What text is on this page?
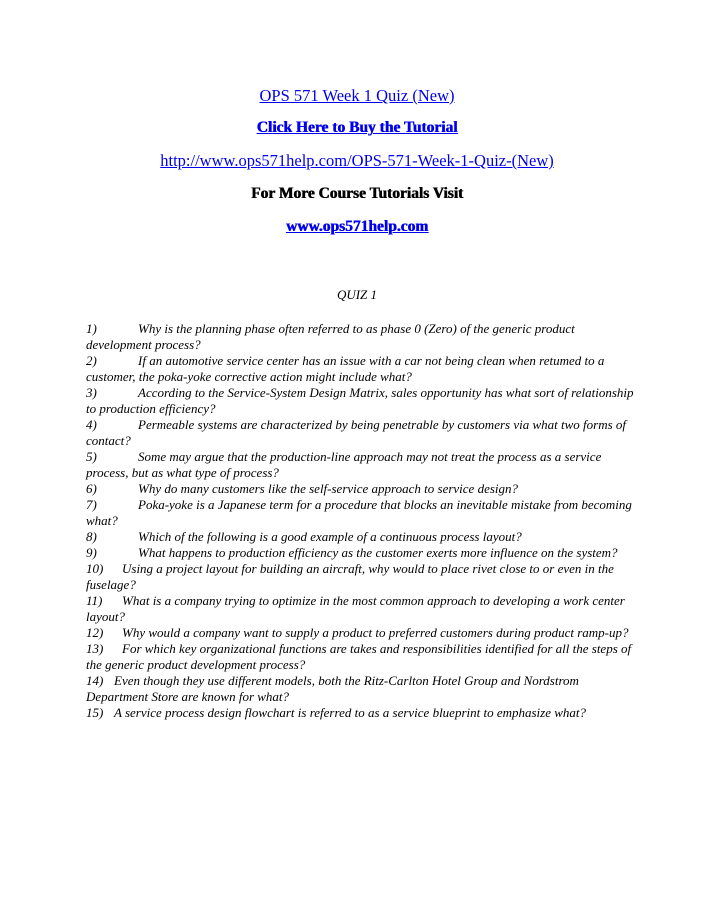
OPS 571 Week 1 Quiz (New)
Click Here to Buy the Tutorial
http://www.ops571help.com/OPS-571-Week-1-Quiz-(New)
For More Course Tutorials Visit
www.ops571help.com
QUIZ 1
1)	Why is the planning phase often referred to as phase 0 (Zero) of the generic product development process?
2)	If an automotive service center has an issue with a car not being clean when retumed to a customer, the poka-yoke corrective action might include what?
3)	According to the Service-System Design Matrix, sales opportunity has what sort of relationship to production efficiency?
4)	Permeable systems are characterized by being penetrable by customers via what two forms of contact?
5)	Some may argue that the production-line approach may not treat the process as a service process, but as what type of process?
6)	Why do many customers like the self-service approach to service design?
7)	Poka-yoke is a Japanese term for a procedure that blocks an inevitable mistake from becoming what?
8)	Which of the following is a good example of a continuous process layout?
9)	What happens to production efficiency as the customer exerts more influence on the system?
10) Using a project layout for building an aircraft, why would to place rivet close to or even in the fuselage?
11) What is a company trying to optimize in the most common approach to developing a work center layout?
12) Why would a company want to supply a product to preferred customers during product ramp-up?
13) For which key organizational functions are takes and responsibilities identified for all the steps of the generic product development process?
14) Even though they use different models, both the Ritz-Carlton Hotel Group and Nordstrom Department Store are known for what?
15) A service process design flowchart is referred to as a service blueprint to emphasize what?
